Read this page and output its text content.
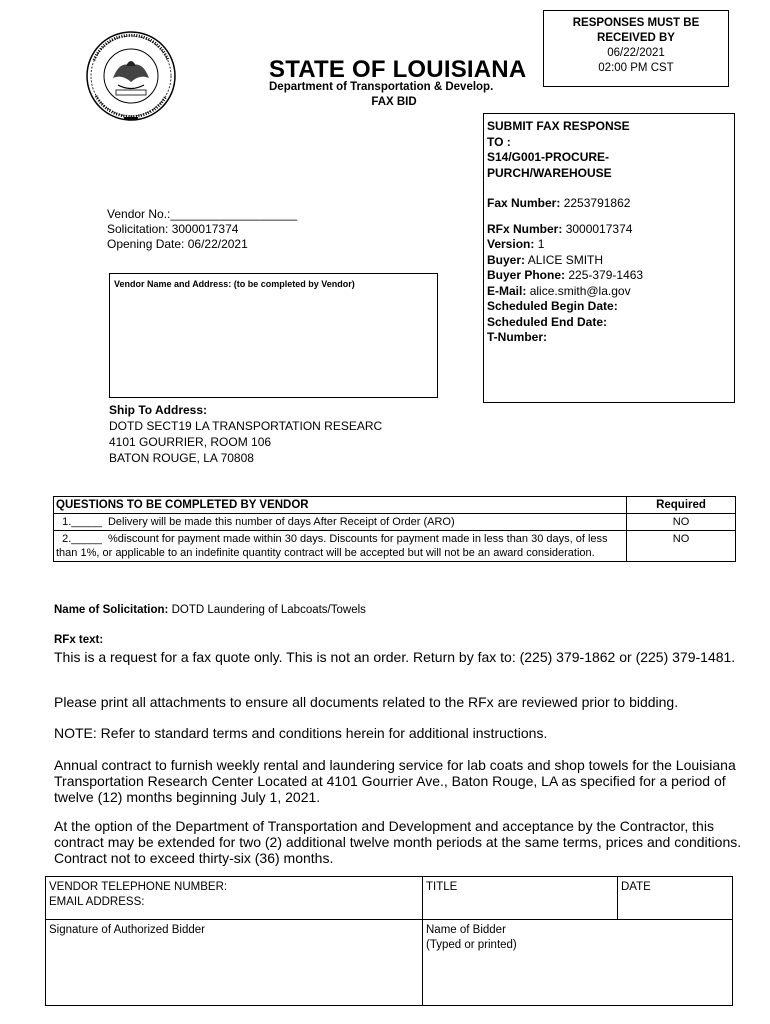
STATE OF LOUISIANA
Department of Transportation & Develop.
FAX BID
RESPONSES MUST BE
RECEIVED BY
06/22/2021
02:00 PM CST
SUBMIT FAX RESPONSE
TO :
S14/G001-PROCURE-
PURCH/WAREHOUSE
Fax Number: 2253791862
RFx Number: 3000017374
Version: 1
Buyer: ALICE SMITH
Buyer Phone: 225-379-1463
E-Mail: alice.smith@la.gov
Scheduled Begin Date:
Scheduled End Date:
T-Number:
Vendor No.:___________________
Solicitation: 3000017374
Opening Date: 06/22/2021
Vendor Name and Address: (to be completed by Vendor)
Ship To Address:
DOTD SECT19 LA TRANSPORTATION RESEARC
4101 GOURRIER, ROOM 106
BATON ROUGE, LA 70808
QUESTIONS TO BE COMPLETED BY VENDOR	Required
1._____  Delivery will be made this number of days After Receipt of Order (ARO)	NO
2._____  %discount for payment made within 30 days. Discounts for payment made in less than 30 days, of less than 1%, or applicable to an indefinite quantity contract will be accepted but will not be an award consideration.	NO
Name of Solicitation: DOTD Laundering of Labcoats/Towels
RFx text:
This is a request for a fax quote only. This is not an order. Return by fax to: (225) 379-1862 or (225) 379-1481.
Please print all attachments to ensure all documents related to the RFx are reviewed prior to bidding.
NOTE: Refer to standard terms and conditions herein for additional instructions.
Annual contract to furnish weekly rental and laundering service for lab coats and shop towels for the Louisiana Transportation Research Center Located at 4101 Gourrier Ave., Baton Rouge, LA as specified for a period of twelve (12) months beginning July 1, 2021.
At the option of the Department of Transportation and Development and acceptance by the Contractor, this contract may be extended for two (2) additional twelve month periods at the same terms, prices and conditions. Contract not to exceed thirty-six (36) months.
VENDOR TELEPHONE NUMBER:
EMAIL ADDRESS:	TITLE	DATE
Signature of Authorized Bidder	Name of Bidder
(Typed or printed)	
